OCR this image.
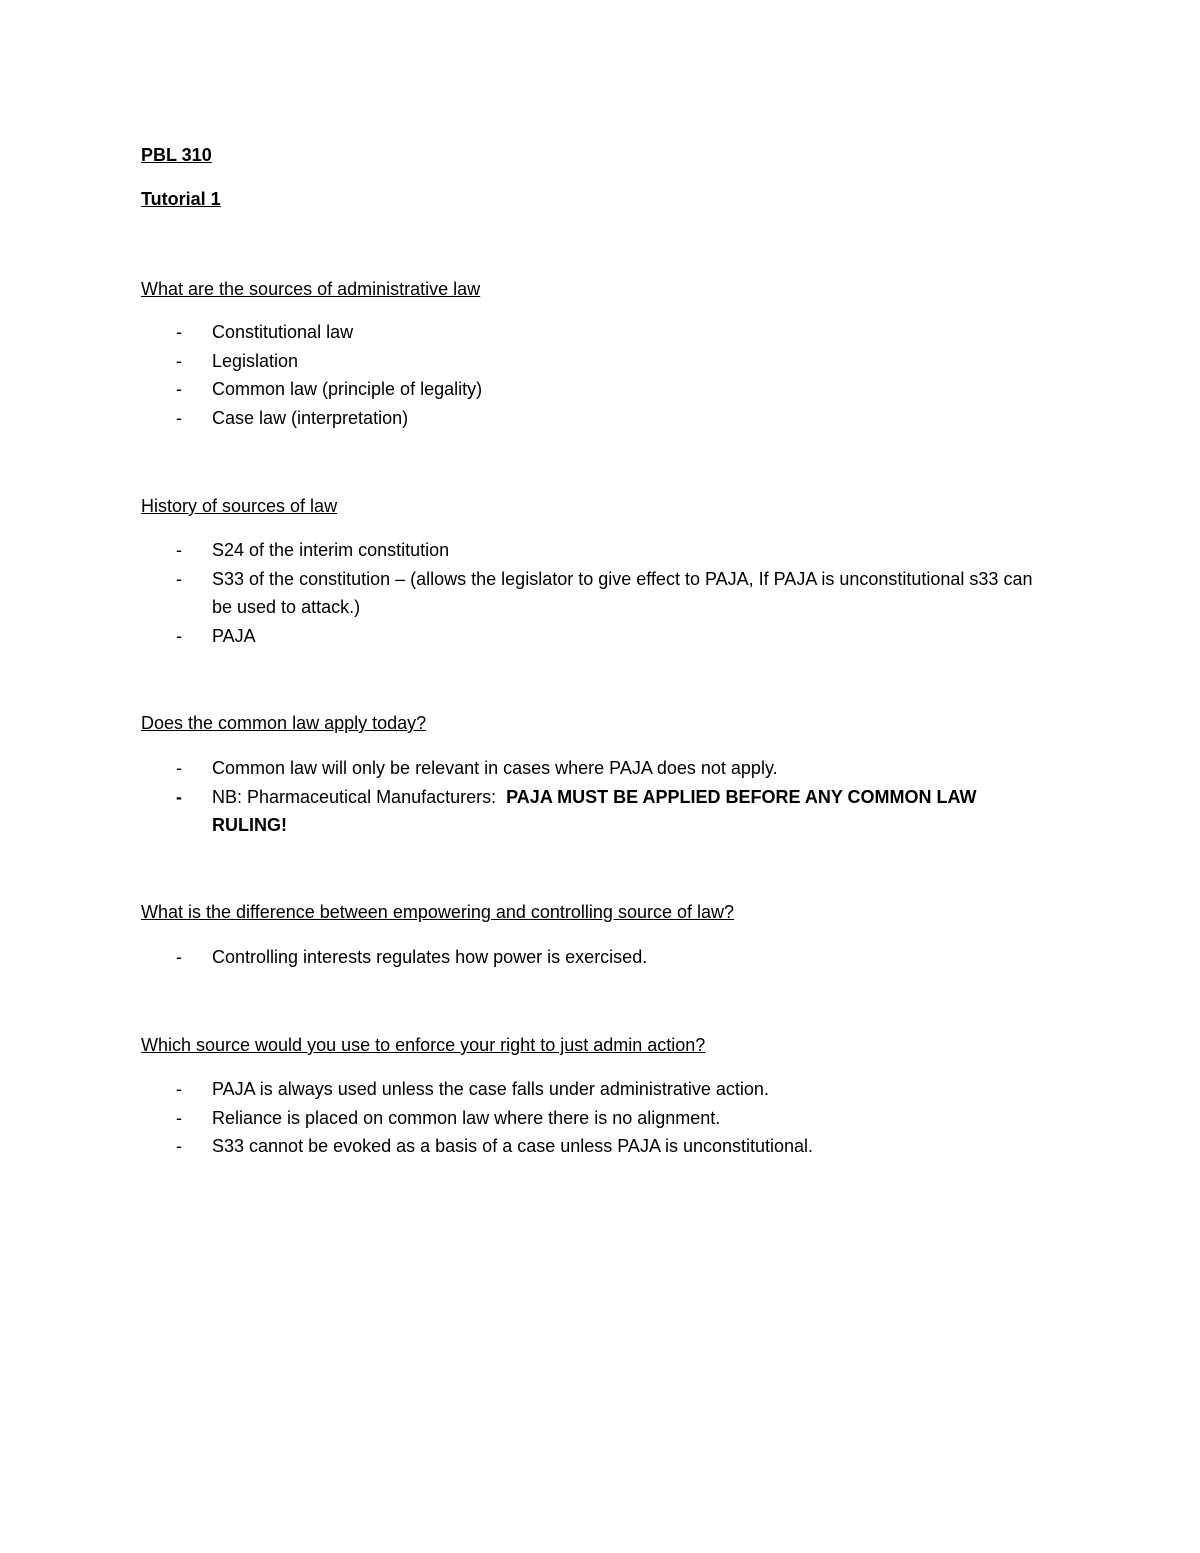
PBL 310

Tutorial 1

What are the sources of administrative law

- Constitutional law
- Legislation
- Common law (principle of legality)
- Case law (interpretation)

History of sources of law

- S24 of the interim constitution
- S33 of the constitution – (allows the legislator to give effect to PAJA, If PAJA is unconstitutional s33 can be used to attack.)
- PAJA

Does the common law apply today?

- Common law will only be relevant in cases where PAJA does not apply.
- NB: Pharmaceutical Manufacturers: PAJA MUST BE APPLIED BEFORE ANY COMMON LAW RULING!

What is the difference between empowering and controlling source of law?

- Controlling interests regulates how power is exercised.

Which source would you use to enforce your right to just admin action?

- PAJA is always used unless the case falls under administrative action.
- Reliance is placed on common law where there is no alignment.
- S33 cannot be evoked as a basis of a case unless PAJA is unconstitutional.
